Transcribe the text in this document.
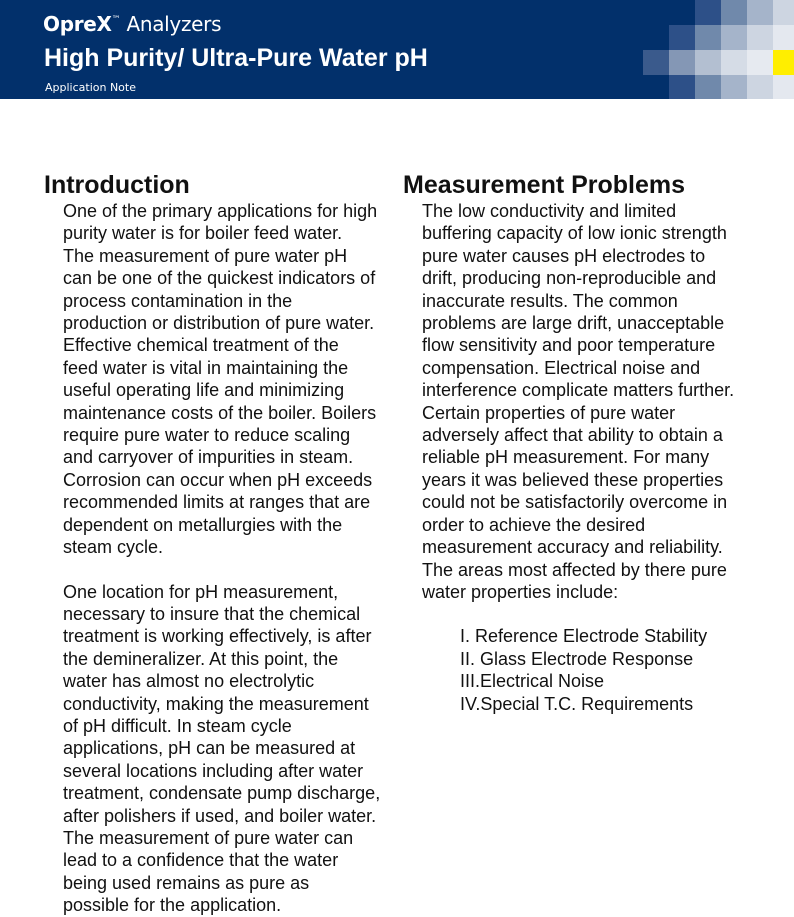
OpreX™ Analyzers
High Purity/ Ultra-Pure Water pH
Application Note
Introduction

One of the primary applications for high
purity water is for boiler feed water.
The measurement of pure water pH
can be one of the quickest indicators of
process contamination in the
production or distribution of pure water.
Effective chemical treatment of the
feed water is vital in maintaining the
useful operating life and minimizing
maintenance costs of the boiler. Boilers
require pure water to reduce scaling
and carryover of impurities in steam.
Corrosion can occur when pH exceeds
recommended limits at ranges that are
dependent on metallurgies with the
steam cycle.

One location for pH measurement,
necessary to insure that the chemical
treatment is working effectively, is after
the demineralizer. At this point, the
water has almost no electrolytic
conductivity, making the measurement
of pH difficult. In steam cycle
applications, pH can be measured at
several locations including after water
treatment, condensate pump discharge,
after polishers if used, and boiler water.
The measurement of pure water can
lead to a confidence that the water
being used remains as pure as
possible for the application.

Measurement Problems

The low conductivity and limited
buffering capacity of low ionic strength
pure water causes pH electrodes to
drift, producing non-reproducible and
inaccurate results. The common
problems are large drift, unacceptable
flow sensitivity and poor temperature
compensation. Electrical noise and
interference complicate matters further.
Certain properties of pure water
adversely affect that ability to obtain a
reliable pH measurement. For many
years it was believed these properties
could not be satisfactorily overcome in
order to achieve the desired
measurement accuracy and reliability.
The areas most affected by there pure
water properties include:

I. Reference Electrode Stability
II. Glass Electrode Response
III.Electrical Noise
IV.Special T.C. Requirements
